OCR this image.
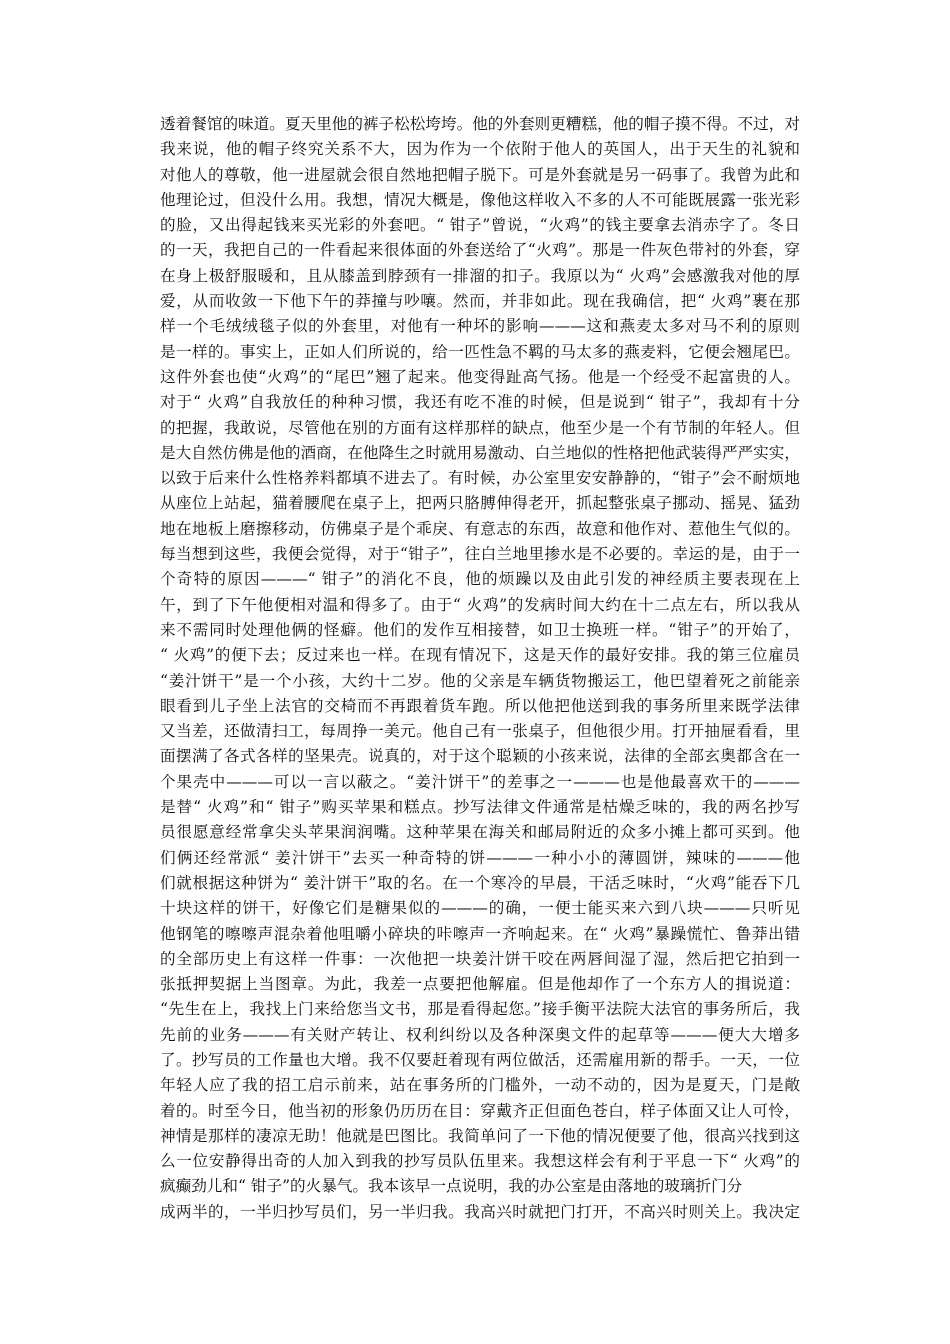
透着餐馆的味道。夏天里他的裤子松松垮垮。他的外套则更糟糕，他的帽子摸不得。不过，对
我来说，他的帽子终究关系不大，因为作为一个依附于他人的英国人，出于天生的礼貌和
对他人的尊敬，他一进屋就会很自然地把帽子脱下。可是外套就是另一码事了。我曾为此和
他理论过，但没什么用。我想，情况大概是，像他这样收入不多的人不可能既展露一张光彩
的脸，又出得起钱来买光彩的外套吧。“ 钳子”曾说，“火鸡”的钱主要拿去消赤字了。冬日
的一天，我把自己的一件看起来很体面的外套送给了“火鸡”。那是一件灰色带衬的外套，穿
在身上极舒服暖和，且从膝盖到脖颈有一排溜的扣子。我原以为“ 火鸡”会感激我对他的厚
爱，从而收敛一下他下午的莽撞与吵嚷。然而，并非如此。现在我确信，把“ 火鸡”裹在那
样一个毛绒绒毯子似的外套里，对他有一种坏的影响———这和燕麦太多对马不利的原则
是一样的。事实上，正如人们所说的，给一匹性急不羁的马太多的燕麦料，它便会翘尾巴。
这件外套也使“火鸡”的“尾巴”翘了起来。他变得趾高气扬。他是一个经受不起富贵的人。
对于“ 火鸡”自我放任的种种习惯，我还有吃不准的时候，但是说到“ 钳子”，我却有十分
的把握，我敢说，尽管他在别的方面有这样那样的缺点，他至少是一个有节制的年轻人。但
是大自然仿佛是他的酒商，在他降生之时就用易激动、白兰地似的性格把他武装得严严实实，
以致于后来什么性格养料都填不进去了。有时候，办公室里安安静静的，“钳子”会不耐烦地
从座位上站起，猫着腰爬在桌子上，把两只胳膊伸得老开，抓起整张桌子挪动、摇晃、猛劲
地在地板上磨擦移动，仿佛桌子是个乖戾、有意志的东西，故意和他作对、惹他生气似的。
每当想到这些，我便会觉得，对于“钳子”，往白兰地里掺水是不必要的。幸运的是，由于一
个奇特的原因———“ 钳子”的消化不良，他的烦躁以及由此引发的神经质主要表现在上
午，到了下午他便相对温和得多了。由于“ 火鸡”的发病时间大约在十二点左右，所以我从
来不需同时处理他俩的怪癖。他们的发作互相接替，如卫士换班一样。“钳子”的开始了，
“ 火鸡”的便下去；反过来也一样。在现有情况下，这是天作的最好安排。我的第三位雇员
“姜汁饼干”是一个小孩，大约十二岁。他的父亲是车辆货物搬运工，他巴望着死之前能亲
眼看到儿子坐上法官的交椅而不再跟着货车跑。所以他把他送到我的事务所里来既学法律
又当差，还做清扫工，每周挣一美元。他自己有一张桌子，但他很少用。打开抽屉看看，里
面摆满了各式各样的坚果壳。说真的，对于这个聪颖的小孩来说，法律的全部玄奥都含在一
个果壳中———可以一言以蔽之。“姜汁饼干”的差事之一———也是他最喜欢干的———
是替“ 火鸡”和“ 钳子”购买苹果和糕点。抄写法律文件通常是枯燥乏味的，我的两名抄写
员很愿意经常拿尖头苹果润润嘴。这种苹果在海关和邮局附近的众多小摊上都可买到。他
们俩还经常派“ 姜汁饼干”去买一种奇特的饼———一种小小的薄圆饼，辣味的———他
们就根据这种饼为“ 姜汁饼干”取的名。在一个寒冷的早晨，干活乏味时，“火鸡”能吞下几
十块这样的饼干，好像它们是糖果似的———的确，一便士能买来六到八块———只听见
他钢笔的嚓嚓声混杂着他咀嚼小碎块的咔嚓声一齐响起来。在“ 火鸡”暴躁慌忙、鲁莽出错
的全部历史上有这样一件事：一次他把一块姜汁饼干咬在两唇间湿了湿，然后把它拍到一
张抵押契据上当图章。为此，我差一点要把他解雇。但是他却作了一个东方人的揖说道：
“先生在上，我找上门来给您当文书，那是看得起您。”接手衡平法院大法官的事务所后，我
先前的业务———有关财产转让、权利纠纷以及各种深奥文件的起草等———便大大增多
了。抄写员的工作量也大增。我不仅要赶着现有两位做活，还需雇用新的帮手。一天，一位
年轻人应了我的招工启示前来，站在事务所的门槛外，一动不动的，因为是夏天，门是敞
着的。时至今日，他当初的形象仍历历在目：穿戴齐正但面色苍白，样子体面又让人可怜，
神情是那样的凄凉无助！他就是巴图比。我简单问了一下他的情况便要了他，很高兴找到这
么一位安静得出奇的人加入到我的抄写员队伍里来。我想这样会有利于平息一下“ 火鸡”的
疯癫劲儿和“ 钳子”的火暴气。我本该早一点说明，我的办公室是由落地的玻璃折门分
成两半的，一半归抄写员们，另一半归我。我高兴时就把门打开，不高兴时则关上。我决定
